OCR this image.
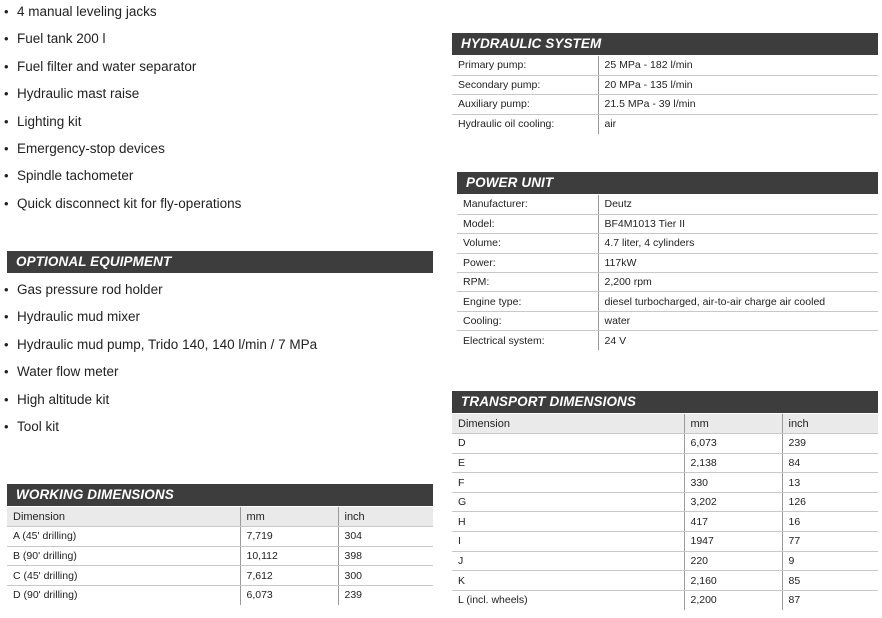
• 4 manual leveling jacks
• Fuel tank 200 l
• Fuel filter and water separator
• Hydraulic mast raise
• Lighting kit
• Emergency-stop devices
• Spindle tachometer
• Quick disconnect kit for fly-operations
OPTIONAL EQUIPMENT
• Gas pressure rod holder
• Hydraulic mud mixer
• Hydraulic mud pump, Trido 140, 140 l/min / 7 MPa
• Water flow meter
• High altitude kit
• Tool kit
WORKING DIMENSIONS
Dimension	mm	inch
A (45' drilling)	7,719	304
B (90' drilling)	10,112	398
C (45' drilling)	7,612	300
D (90' drilling)	6,073	239
HYDRAULIC SYSTEM
Primary pump:	25 MPa - 182 l/min
Secondary pump:	20 MPa - 135 l/min
Auxiliary pump:	21.5 MPa - 39 l/min
Hydraulic oil cooling:	air
POWER UNIT
Manufacturer:	Deutz
Model:	BF4M1013 Tier II
Volume:	4.7 liter, 4 cylinders
Power:	117kW
RPM:	2,200 rpm
Engine type:	diesel turbocharged, air-to-air charge air cooled
Cooling:	water
Electrical system:	24 V
TRANSPORT DIMENSIONS
Dimension	mm	inch
D	6,073	239
E	2,138	84
F	330	13
G	3,202	126
H	417	16
I	1947	77
J	220	9
K	2,160	85
L (incl. wheels)	2,200	87
